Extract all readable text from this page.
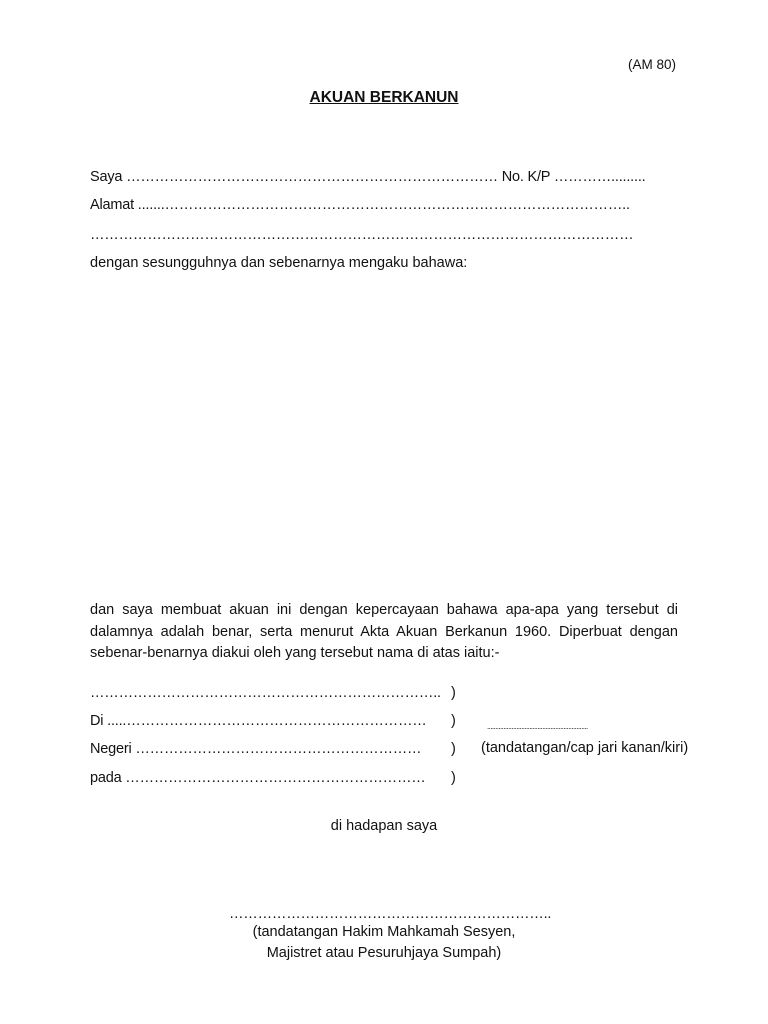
(AM 80)
AKUAN BERKANUN
Saya …………………………………………………………………… No. K/P ………….........
Alamat .......……………………………………………………………………………………..
……………………………………………………………………………………………………
dengan sesungguhnya dan sebenarnya mengaku bahawa:
dan saya membuat akuan ini dengan kepercayaan bahawa apa-apa yang tersebut di dalamnya adalah benar, serta menurut Akta Akuan Berkanun 1960. Diperbuat dengan sebenar-benarnya diakui oleh yang tersebut nama di atas iaitu:-
……………………………………………………………….. )
Di .....……………………………………………………… )
Negeri …………………………………………………… )
pada ……………………………………………………… )
..............................................................
(tandatangan/cap jari kanan/kiri)
di hadapan saya
…………………………………………………………..
(tandatangan Hakim Mahkamah Sesyen,
Majistret atau Pesuruhjaya Sumpah)
